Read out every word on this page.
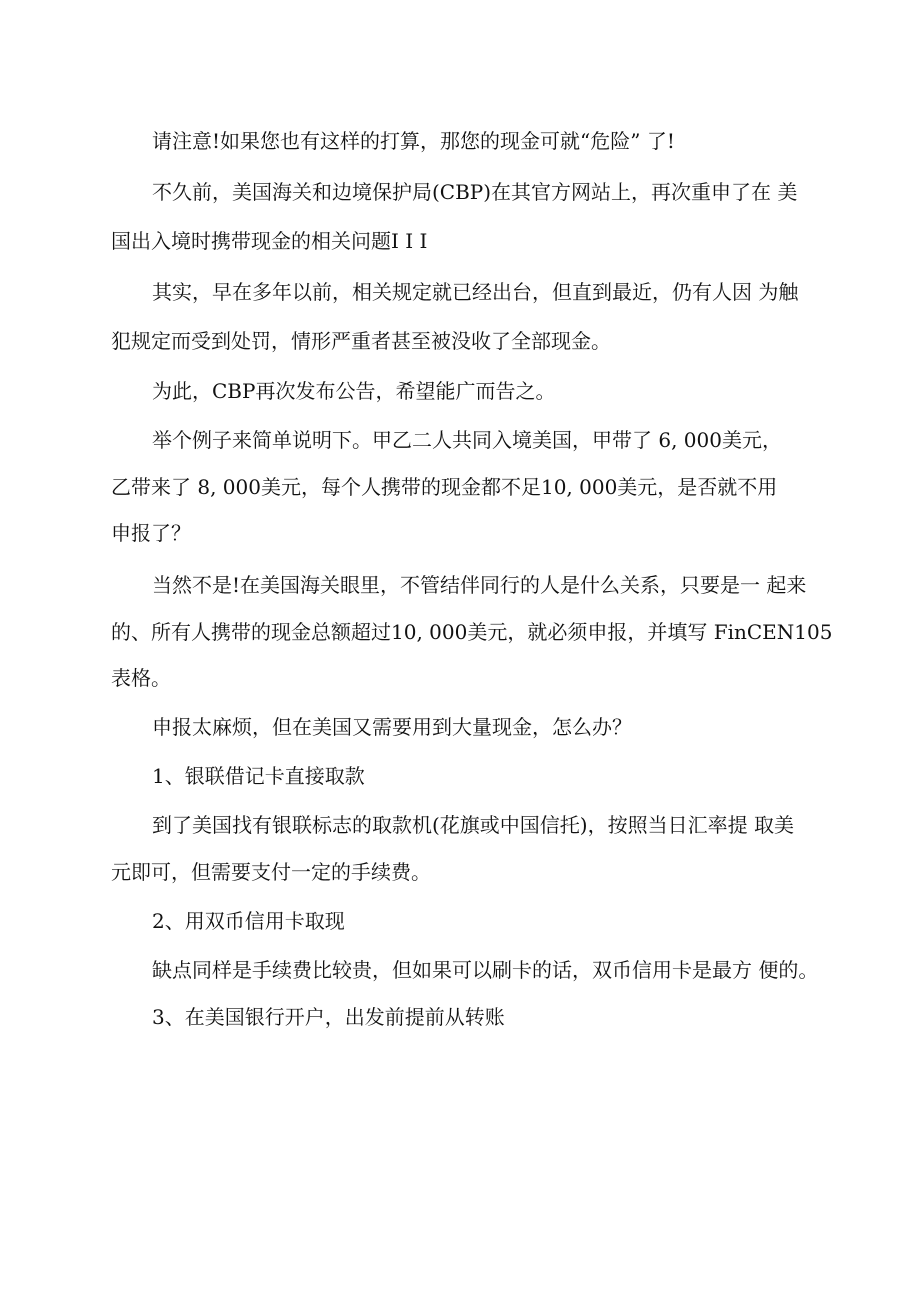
请注意!如果您也有这样的打算，那您的现金可就“危险” 了!
不久前，美国海关和边境保护局(CBP)在其官方网站上，再次重申了在 美
国出入境时携带现金的相关问题I I I
其实，早在多年以前，相关规定就已经出台，但直到最近，仍有人因 为触
犯规定而受到处罚，情形严重者甚至被没收了全部现金。
为此，CBP再次发布公告，希望能广而告之。
举个例子来简单说明下。甲乙二人共同入境美国，甲带了 6, 000美元，
乙带来了 8, 000美元，每个人携带的现金都不足10, 000美元，是否就不用
申报了？
当然不是!在美国海关眼里，不管结伴同行的人是什么关系，只要是一 起来
的、所有人携带的现金总额超过10, 000美元，就必须申报，并填写 FinCEN105
表格。
申报太麻烦，但在美国又需要用到大量现金，怎么办？
1、银联借记卡直接取款
到了美国找有银联标志的取款机(花旗或中国信托)，按照当日汇率提 取美
元即可，但需要支付一定的手续费。
2、用双币信用卡取现
缺点同样是手续费比较贵，但如果可以刷卡的话，双币信用卡是最方 便的。
3、在美国银行开户，出发前提前从转账
